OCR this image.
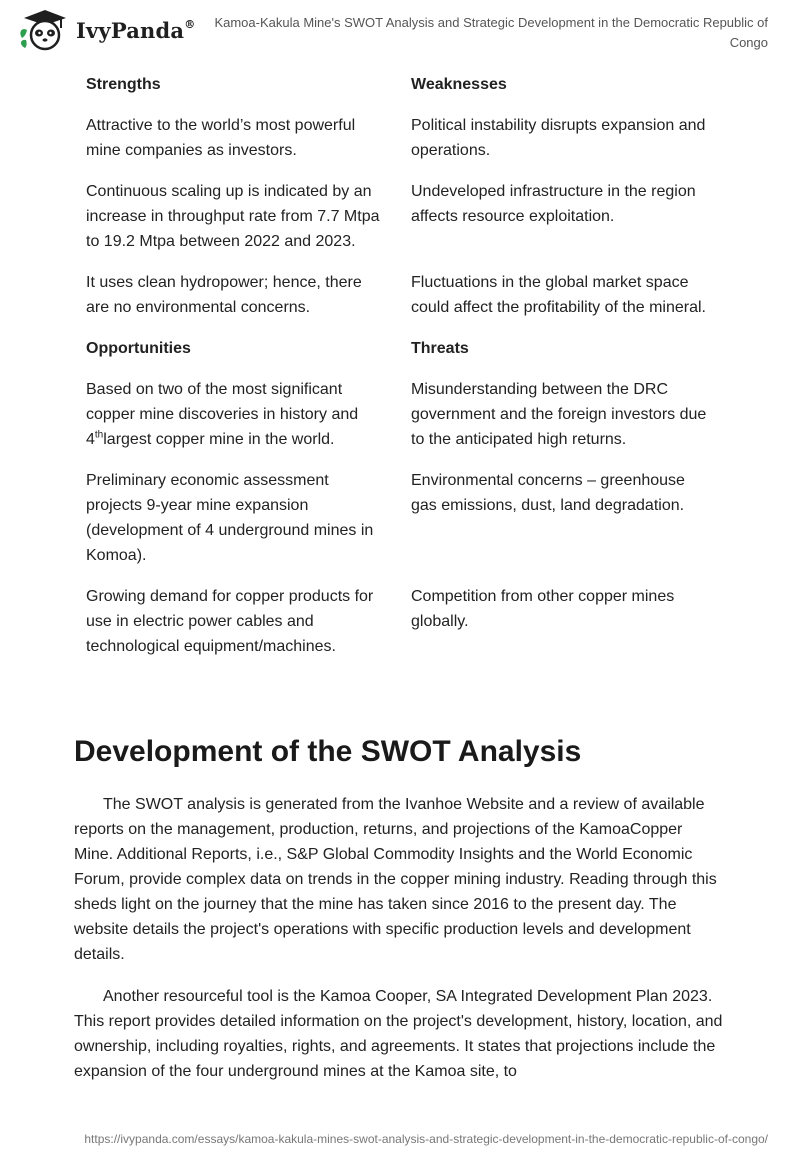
IvyPanda®	Kamoa-Kakula Mine's SWOT Analysis and Strategic Development in the Democratic Republic of Congo
Strengths	Weaknesses
Attractive to the world’s most powerful mine companies as investors.	Political instability disrupts expansion and operations.
Continuous scaling up is indicated by an increase in throughput rate from 7.7 Mtpa to 19.2 Mtpa between 2022 and 2023.	Undeveloped infrastructure in the region affects resource exploitation.
It uses clean hydropower; hence, there are no environmental concerns.	Fluctuations in the global market space could affect the profitability of the mineral.
Opportunities	Threats
Based on two of the most significant copper mine discoveries in history and 4thlargest copper mine in the world.	Misunderstanding between the DRC government and the foreign investors due to the anticipated high returns.
Preliminary economic assessment projects 9-year mine expansion (development of 4 underground mines in Komoa).	Environmental concerns – greenhouse gas emissions, dust, land degradation.
Growing demand for copper products for use in electric power cables and technological equipment/machines.	Competition from other copper mines globally.
Development of the SWOT Analysis

The SWOT analysis is generated from the Ivanhoe Website and a review of available reports on the management, production, returns, and projections of the KamoaCopper Mine. Additional Reports, i.e., S&P Global Commodity Insights and the World Economic Forum, provide complex data on trends in the copper mining industry. Reading through this sheds light on the journey that the mine has taken since 2016 to the present day. The website details the project's operations with specific production levels and development details.

Another resourceful tool is the Kamoa Cooper, SA Integrated Development Plan 2023. This report provides detailed information on the project's development, history, location, and ownership, including royalties, rights, and agreements. It states that projections include the expansion of the four underground mines at the Kamoa site, to

https://ivypanda.com/essays/kamoa-kakula-mines-swot-analysis-and-strategic-development-in-the-democratic-republic-of-congo/
